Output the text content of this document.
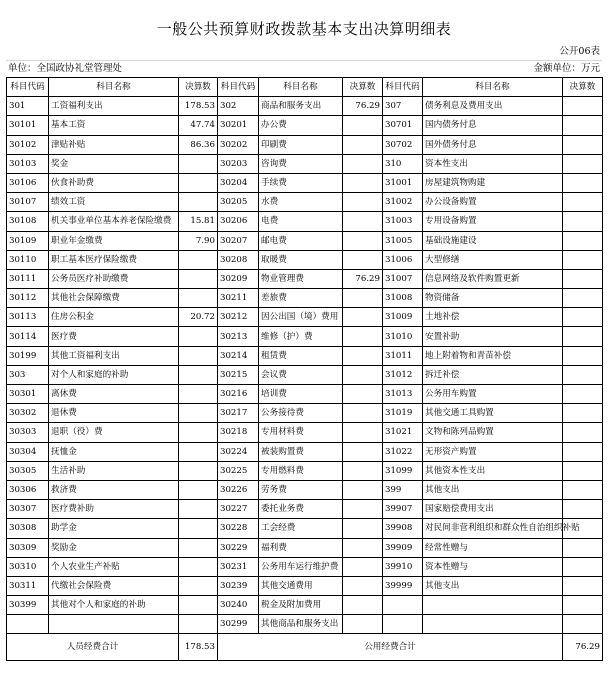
一般公共预算财政拨款基本支出决算明细表
公开06表
单位：全国政协礼堂管理处	金额单位：万元
科目代码	科目名称	决算数	科目代码	科目名称	决算数	科目代码	科目名称	决算数
301	工资福利支出	178.53	302	商品和服务支出	76.29	307	债务利息及费用支出	
30101	基本工资	47.74	30201	办公费		30701	国内债务付息	
30102	津贴补贴	86.36	30202	印刷费		30702	国外债务付息	
30103	奖金		30203	咨询费		310	资本性支出	
30106	伙食补助费		30204	手续费		31001	房屋建筑物购建	
30107	绩效工资		30205	水费		31002	办公设备购置	
30108	机关事业单位基本养老保险缴费	15.81	30206	电费		31003	专用设备购置	
30109	职业年金缴费	7.90	30207	邮电费		31005	基础设施建设	
30110	职工基本医疗保险缴费		30208	取暖费		31006	大型修缮	
30111	公务员医疗补助缴费		30209	物业管理费	76.29	31007	信息网络及软件购置更新	
30112	其他社会保障缴费		30211	差旅费		31008	物资储备	
30113	住房公积金	20.72	30212	因公出国（境）费用		31009	土地补偿	
30114	医疗费		30213	维修（护）费		31010	安置补助	
30199	其他工资福利支出		30214	租赁费		31011	地上附着物和青苗补偿	
303	对个人和家庭的补助		30215	会议费		31012	拆迁补偿	
30301	离休费		30216	培训费		31013	公务用车购置	
30302	退休费		30217	公务接待费		31019	其他交通工具购置	
30303	退职（役）费		30218	专用材料费		31021	文物和陈列品购置	
30304	抚恤金		30224	被装购置费		31022	无形资产购置	
30305	生活补助		30225	专用燃料费		31099	其他资本性支出	
30306	救济费		30226	劳务费		399	其他支出	
30307	医疗费补助		30227	委托业务费		39907	国家赔偿费用支出	
30308	助学金		30228	工会经费		39908	对民间非营利组织和群众性自治组织补贴	
30309	奖励金		30229	福利费		39909	经常性赠与	
30310	个人农业生产补贴		30231	公务用车运行维护费		39910	资本性赠与	
30311	代缴社会保险费		30239	其他交通费用		39999	其他支出	
30399	其他对个人和家庭的补助		30240	税金及附加费用				
			30299	其他商品和服务支出				
人员经费合计		178.53	公用经费合计					76.29
